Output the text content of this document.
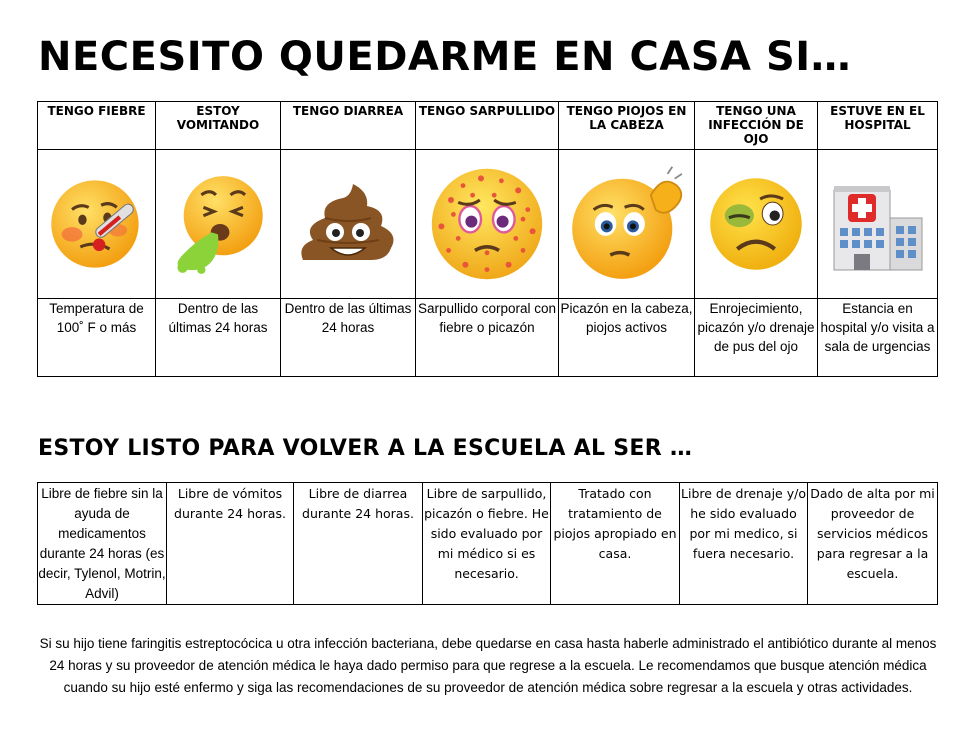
NECESITO QUEDARME EN CASA SI…
TENGO FIEBRE	ESTOY VOMITANDO	TENGO DIARREA	TENGO SARPULLIDO	TENGO PIOJOS EN LA CABEZA	TENGO UNA INFECCIÓN DE OJO	ESTUVE EN EL HOSPITAL

Temperatura de 100˚ F o más	Dentro de las últimas 24 horas	Dentro de las últimas 24 horas	Sarpullido corporal con fiebre o picazón	Picazón en la cabeza, piojos activos	Enrojecimiento, picazón y/o drenaje de pus del ojo	Estancia en hospital y/o visita a sala de urgencias
ESTOY LISTO PARA VOLVER A LA ESCUELA AL SER …
Libre de fiebre sin la ayuda de medicamentos durante 24 horas (es decir, Tylenol, Motrin, Advil)	Libre de vómitos durante 24 horas.	Libre de diarrea durante 24 horas.	Libre de sarpullido, picazón o fiebre. He sido evaluado por mi médico si es necesario.	Tratado con tratamiento de piojos apropiado en casa.	Libre de drenaje y/o he sido evaluado por mi medico, si fuera necesario.	Dado de alta por mi proveedor de servicios médicos para regresar a la escuela.
Si su hijo tiene faringitis estreptocócica u otra infección bacteriana, debe quedarse en casa hasta haberle administrado el antibiótico durante al menos 24 horas y su proveedor de atención médica le haya dado permiso para que regrese a la escuela. Le recomendamos que busque atención médica cuando su hijo esté enfermo y siga las recomendaciones de su proveedor de atención médica sobre regresar a la escuela y otras actividades.
